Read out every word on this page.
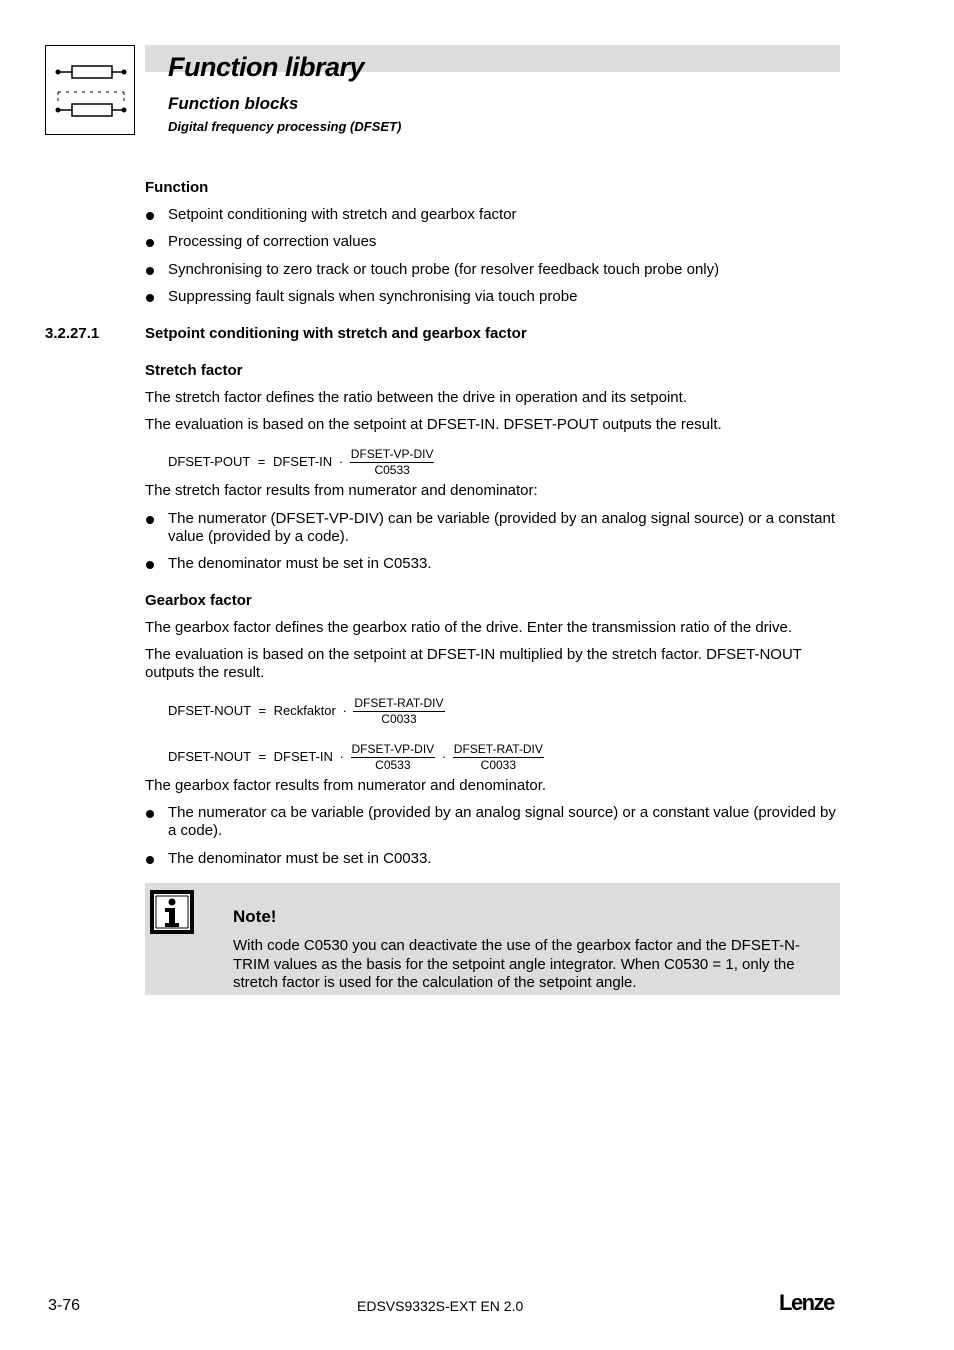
Function library
Function blocks
Digital frequency processing (DFSET)
Function
Setpoint conditioning with stretch and gearbox factor
Processing of correction values
Synchronising to zero track or touch probe (for resolver feedback touch probe only)
Suppressing fault signals when synchronising via touch probe
3.2.27.1	Setpoint conditioning with stretch and gearbox factor
Stretch factor
The stretch factor defines the ratio between the drive in operation and its setpoint.
The evaluation is based on the setpoint at DFSET-IN. DFSET-POUT outputs the result.
DFSET-POUT = DFSET-IN · $\frac{\text{DFSET-VP-DIV}}{C0533}$
The stretch factor results from numerator and denominator:
The numerator (DFSET-VP-DIV) can be variable (provided by an analog signal source) or a constant value (provided by a code).
The denominator must be set in C0533.
Gearbox factor
The gearbox factor defines the gearbox ratio of the drive. Enter the transmission ratio of the drive.
The evaluation is based on the setpoint at DFSET-IN multiplied by the stretch factor. DFSET-NOUT outputs the result.
DFSET-NOUT = Reckfaktor · $\frac{\text{DFSET-RAT-DIV}}{C0033}$
DFSET-NOUT = DFSET-IN · $\frac{\text{DFSET-VP-DIV}}{C0533} \cdot \frac{\text{DFSET-RAT-DIV}}{C0033}$
The gearbox factor results from numerator and denominator.
The numerator ca be variable (provided by an analog signal source) or a constant value (provided by a code).
The denominator must be set in C0033.
Note!
With code C0530 you can deactivate the use of the gearbox factor and the DFSET-N-TRIM values as the basis for the setpoint angle integrator. When C0530 = 1, only the stretch factor is used for the calculation of the setpoint angle.
3-76	EDSVS9332S-EXT EN 2.0	Lenze
